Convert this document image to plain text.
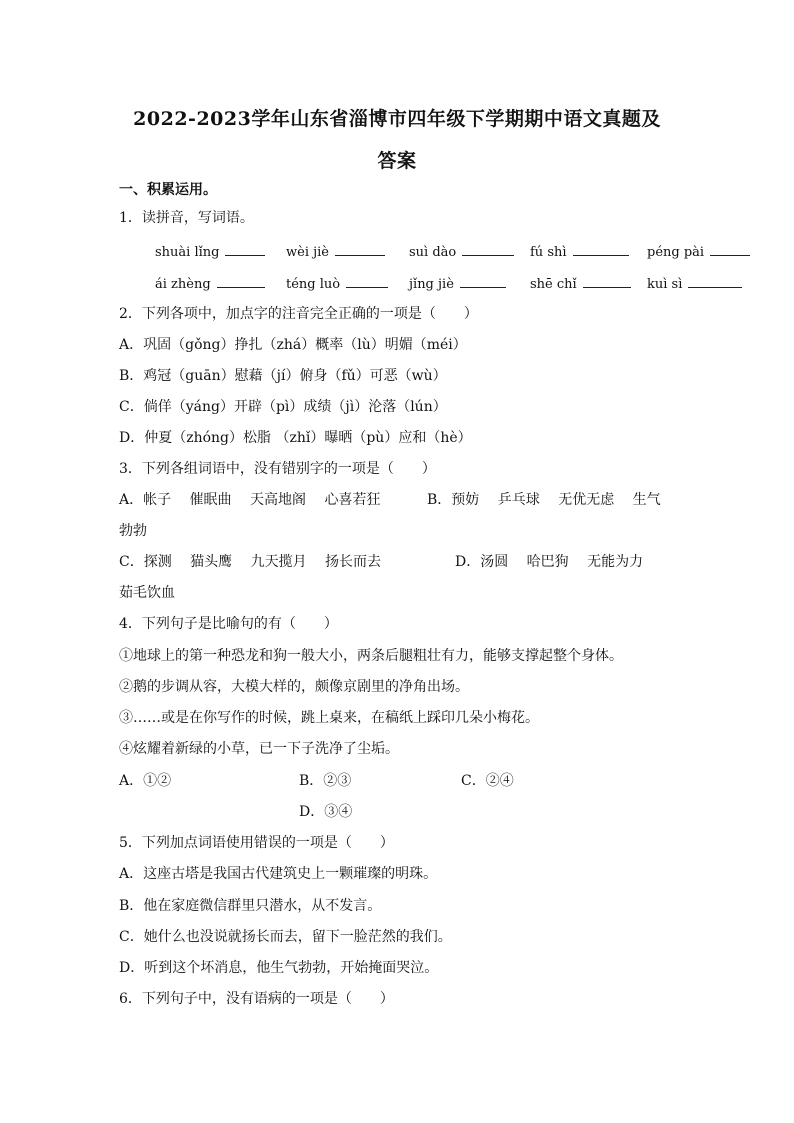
2022-2023学年山东省淄博市四年级下学期期中语文真题及
答案
一、积累运用。
1．读拼音，写词语。
shuài lǐng	wèi jiè	suì dào	fú shì	péng pài
ái zhèng	téng luò	jǐng jiè	shē chǐ	kuì sì
2．下列各项中，加点字的注音完全正确的一项是（　　）
A．巩固（gǒng）挣扎（zhá）概率（lù）明媚（méi）
B．鸡冠（guān）慰藉（jí）俯身（fǔ）可恶（wù）
C．倘佯（yáng）开辟（pì）成绩（jì）沦落（lún）
D．仲夏（zhóng）松脂 （zhǐ）曝晒（pù）应和（hè）
3．下列各组词语中，没有错别字的一项是（　　）
A．帐子　 催眠曲　 天高地阁　 心喜若狂	B．预妨　 乒乓球　 无优无虑　 生气
勃勃
C．探测　 猫头鹰　 九天揽月　 扬长而去	D．汤圆　 哈巴狗　 无能为力
茹毛饮血
4．下列句子是比喻句的有（　　）
①地球上的第一种恐龙和狗一般大小，两条后腿粗壮有力，能够支撑起整个身体。
②鹅的步调从容，大模大样的，颇像京剧里的净角出场。
③……或是在你写作的时候，跳上桌来，在稿纸上踩印几朵小梅花。
④炫耀着新绿的小草，已一下子洗净了尘垢。
A．①②	B．②③	C．②④
D．③④
5．下列加点词语使用错误的一项是（　　）
A．这座古塔是我国古代建筑史上一颗璀璨的明珠。
B．他在家庭微信群里只潜水，从不发言。
C．她什么也没说就扬长而去，留下一脸茫然的我们。
D．听到这个坏消息，他生气勃勃，开始掩面哭泣。
6．下列句子中，没有语病的一项是（　　）
